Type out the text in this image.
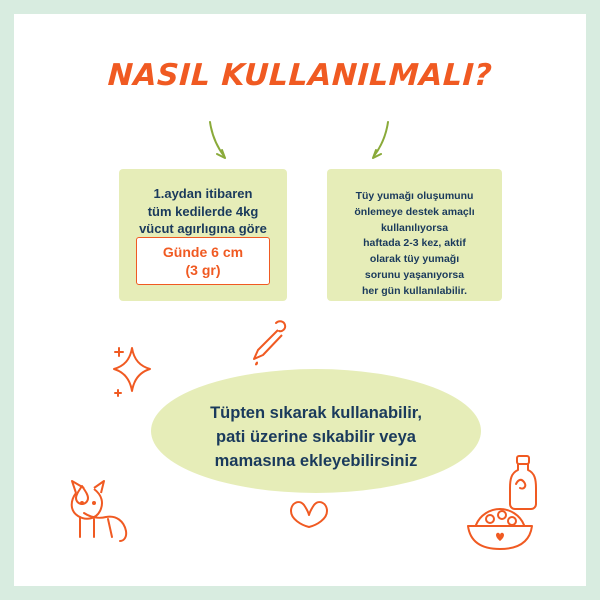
NASIL KULLANILMALI?
1.aydan itibaren
tüm kedilerde 4kg
vücut agırlıgına göre
Günde 6 cm
(3 gr)
Tüy yumağı oluşumunu
önlemeye destek amaçlı
kullanılıyorsa
haftada 2-3 kez, aktif
olarak tüy yumağı
sorunu yaşanıyorsa
her gün kullanılabilir.
Tüpten sıkarak kullanabilir,
pati üzerine sıkabilir veya
mamasına ekleyebilirsiniz
